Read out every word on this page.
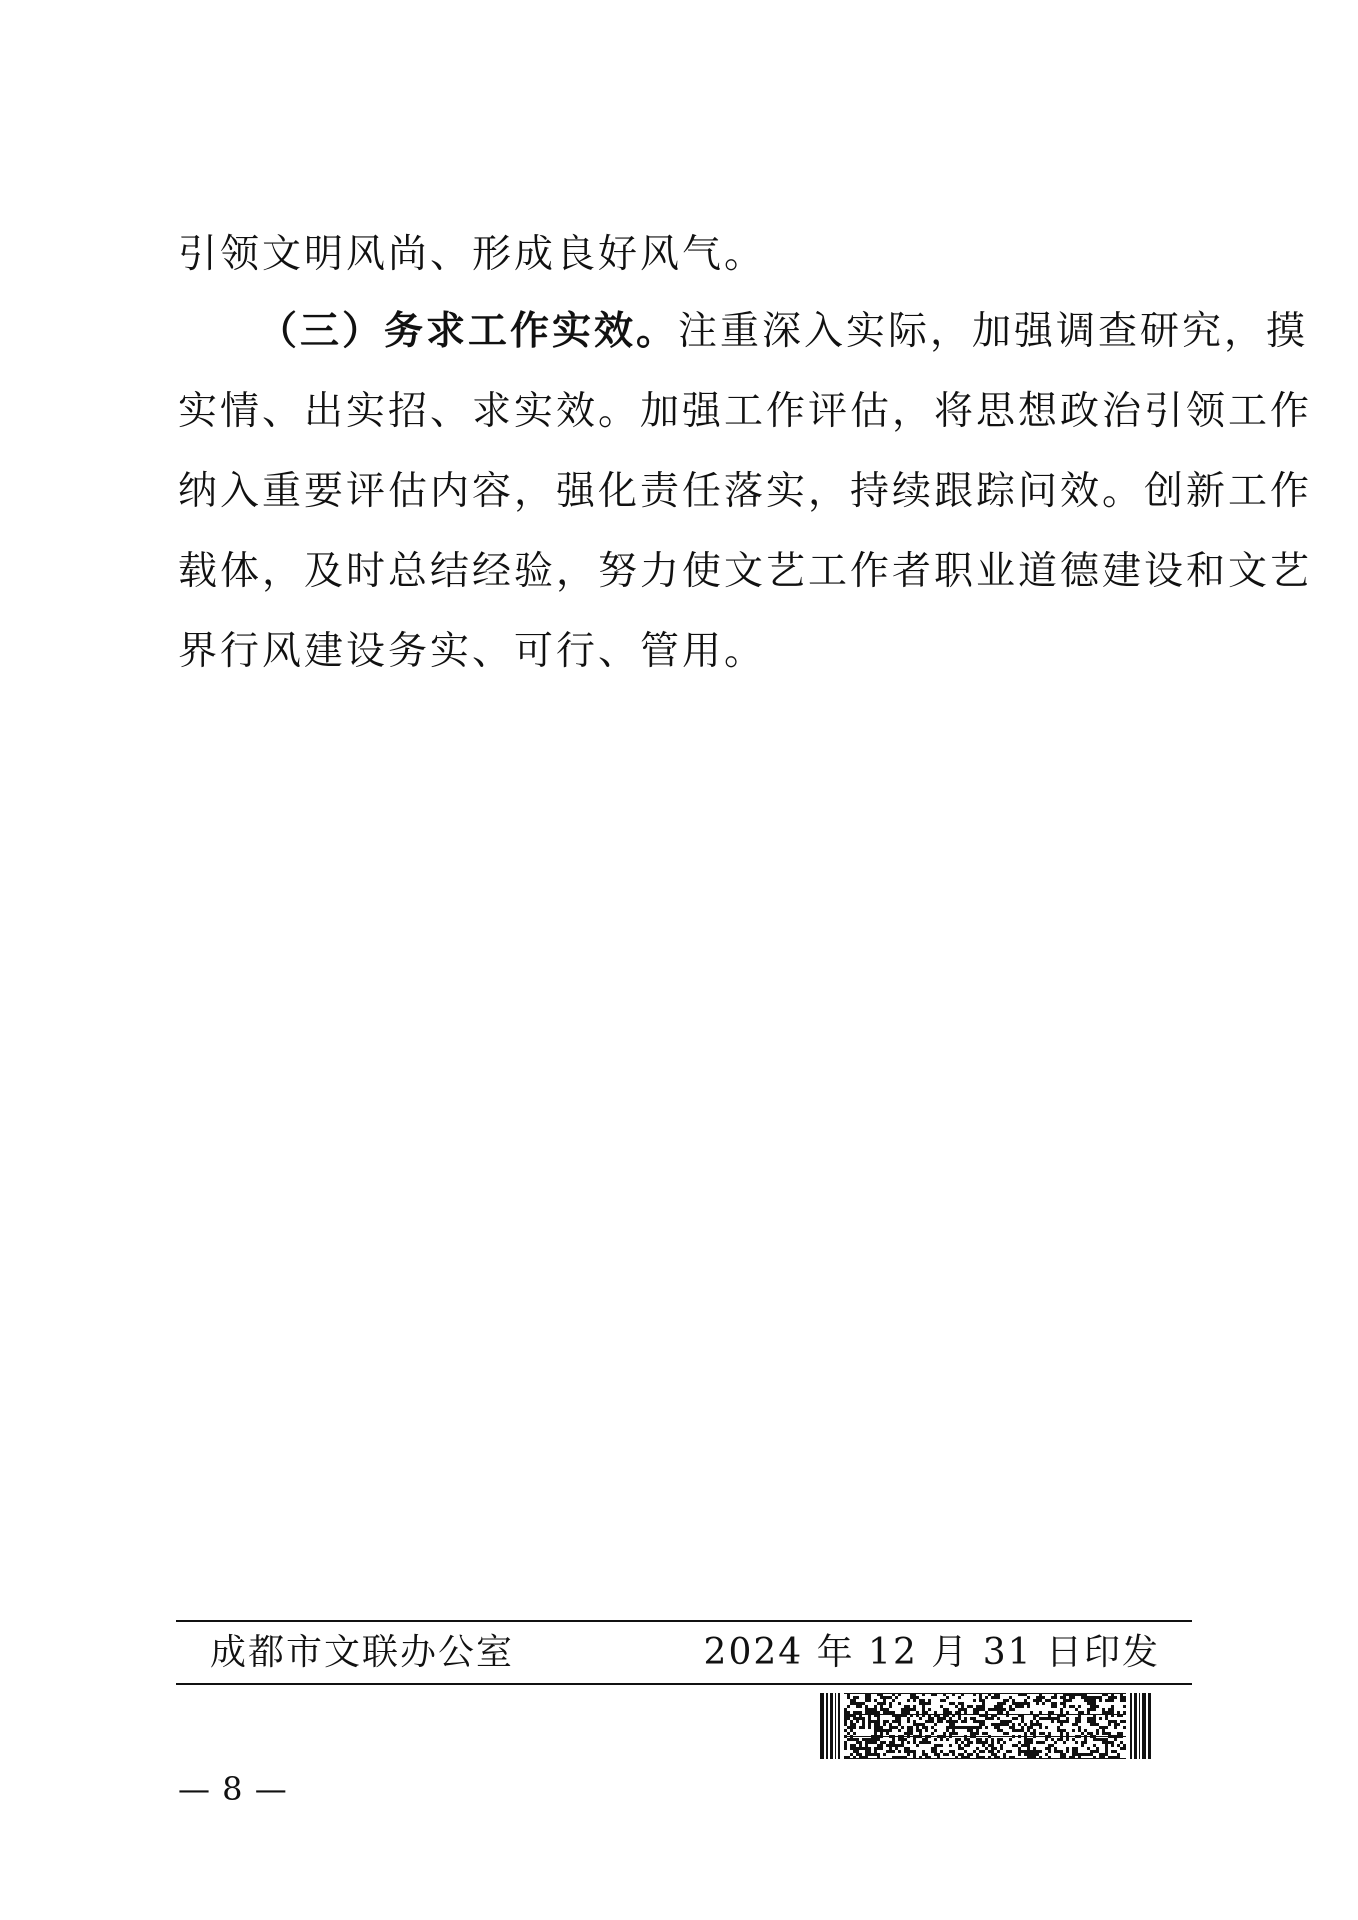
引领文明风尚、形成良好风气。
（三）务求工作实效。注重深入实际，加强调查研究，摸
实情、出实招、求实效。加强工作评估，将思想政治引领工作
纳入重要评估内容，强化责任落实，持续跟踪问效。创新工作
载体，及时总结经验，努力使文艺工作者职业道德建设和文艺
界行风建设务实、可行、管用。
成都市文联办公室	2024 年 12 月 31 日印发
— 8 —
